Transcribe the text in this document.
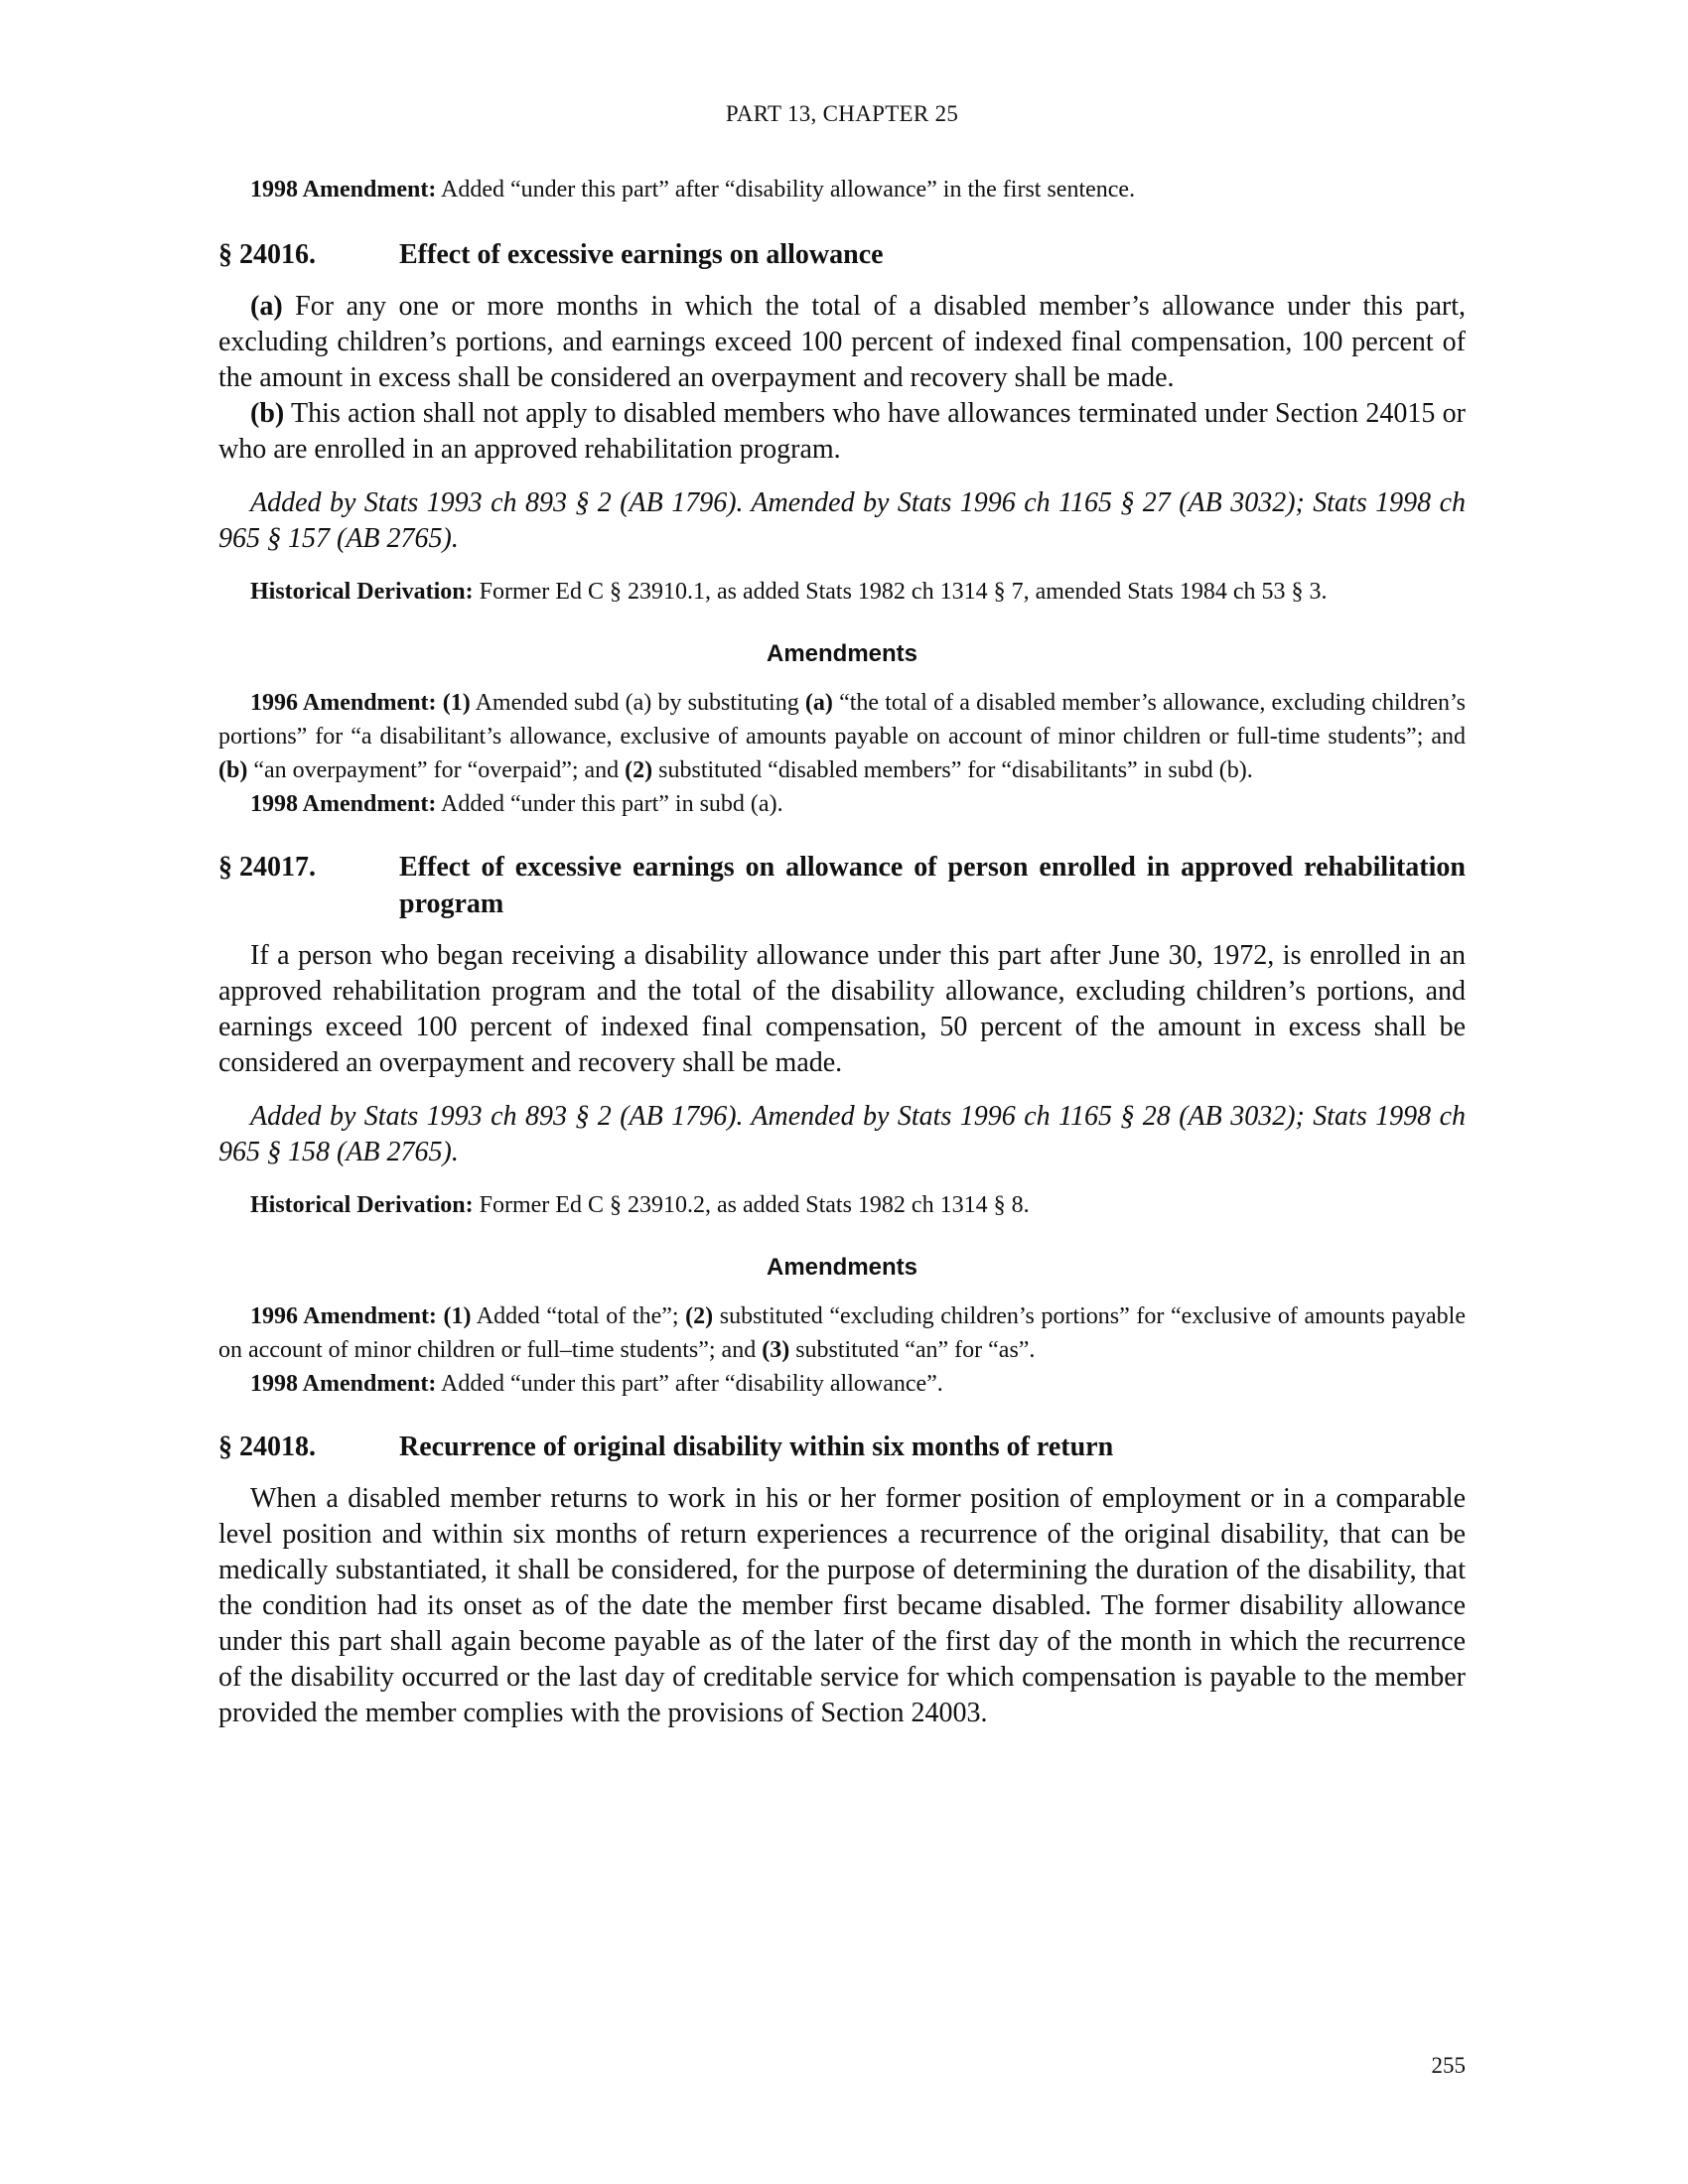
PART 13, CHAPTER 25

1998 Amendment: Added “under this part” after “disability allowance” in the first sentence.

§ 24016.	Effect of excessive earnings on allowance

(a) For any one or more months in which the total of a disabled member’s allowance under this part, excluding children’s portions, and earnings exceed 100 percent of indexed final compensation, 100 percent of the amount in excess shall be considered an overpayment and recovery shall be made.

(b) This action shall not apply to disabled members who have allowances terminated under Section 24015 or who are enrolled in an approved rehabilitation program.

Added by Stats 1993 ch 893 § 2 (AB 1796). Amended by Stats 1996 ch 1165 § 27 (AB 3032); Stats 1998 ch 965 § 157 (AB 2765).

Historical Derivation: Former Ed C § 23910.1, as added Stats 1982 ch 1314 § 7, amended Stats 1984 ch 53 § 3.

Amendments

1996 Amendment: (1) Amended subd (a) by substituting (a) “the total of a disabled member’s allowance, excluding children’s portions” for “a disabilitant’s allowance, exclusive of amounts payable on account of minor children or full-time students”; and (b) “an overpayment” for “overpaid”; and (2) substituted “disabled members” for “disabilitants” in subd (b).

1998 Amendment: Added “under this part” in subd (a).

§ 24017.	Effect of excessive earnings on allowance of person enrolled in approved rehabilitation program

If a person who began receiving a disability allowance under this part after June 30, 1972, is enrolled in an approved rehabilitation program and the total of the disability allowance, excluding children’s portions, and earnings exceed 100 percent of indexed final compensation, 50 percent of the amount in excess shall be considered an overpayment and recovery shall be made.

Added by Stats 1993 ch 893 § 2 (AB 1796). Amended by Stats 1996 ch 1165 § 28 (AB 3032); Stats 1998 ch 965 § 158 (AB 2765).

Historical Derivation: Former Ed C § 23910.2, as added Stats 1982 ch 1314 § 8.

Amendments

1996 Amendment: (1) Added “total of the”; (2) substituted “excluding children’s portions” for “exclusive of amounts payable on account of minor children or full–time students”; and (3) substituted “an” for “as”.

1998 Amendment: Added “under this part” after “disability allowance”.

§ 24018.	Recurrence of original disability within six months of return

When a disabled member returns to work in his or her former position of employment or in a comparable level position and within six months of return experiences a recurrence of the original disability, that can be medically substantiated, it shall be considered, for the purpose of determining the duration of the disability, that the condition had its onset as of the date the member first became disabled. The former disability allowance under this part shall again become payable as of the later of the first day of the month in which the recurrence of the disability occurred or the last day of creditable service for which compensation is payable to the member provided the member complies with the provisions of Section 24003.

255
